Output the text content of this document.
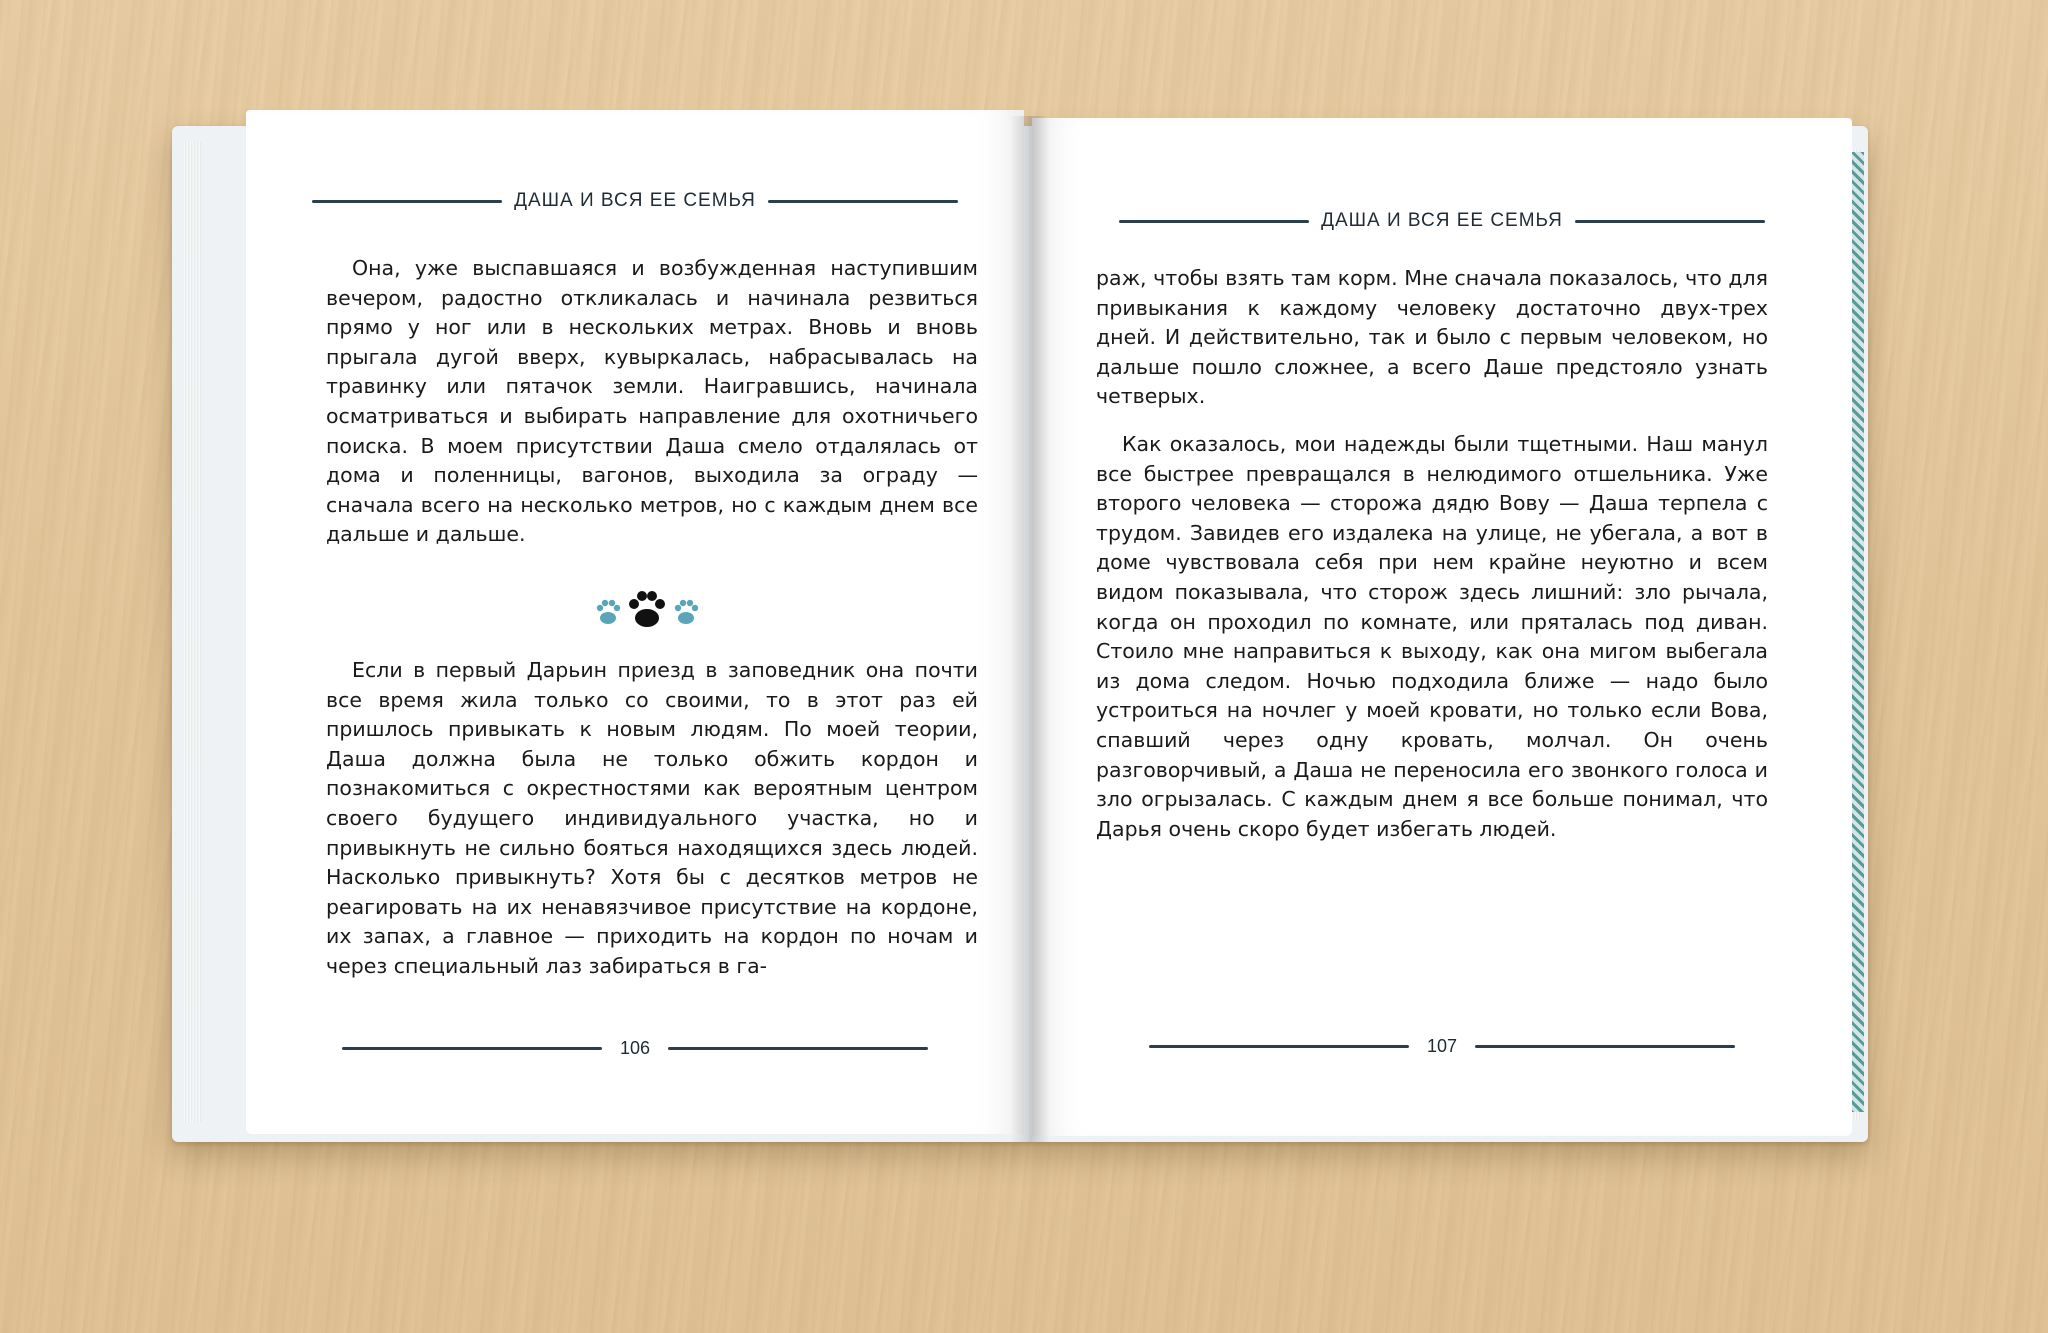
ДАША И ВСЯ ЕЕ СЕМЬЯ

Она, уже выспавшаяся и возбужденная наступившим вечером, радостно откликалась и начинала резвиться прямо у ног или в нескольких метрах. Вновь и вновь прыгала дугой вверх, кувыркалась, набрасывалась на травинку или пятачок земли. Наигравшись, начинала осматриваться и выбирать направление для охотничьего поиска. В моем присутствии Даша смело отдалялась от дома и поленницы, вагонов, выходила за ограду — сначала всего на несколько метров, но с каждым днем все дальше и дальше.

Если в первый Дарьин приезд в заповедник она почти все время жила только со своими, то в этот раз ей пришлось привыкать к новым людям. По моей теории, Даша должна была не только обжить кордон и познакомиться с окрестностями как вероятным центром своего будущего индивидуального участка, но и привыкнуть не сильно бояться находящихся здесь людей. Насколько привыкнуть? Хотя бы с десятков метров не реагировать на их ненавязчивое присутствие на кордоне, их запах, а главное — приходить на кордон по ночам и через специальный лаз забираться в га-

106
ДАША И ВСЯ ЕЕ СЕМЬЯ

раж, чтобы взять там корм. Мне сначала показалось, что для привыкания к каждому человеку достаточно двух-трех дней. И действительно, так и было с первым человеком, но дальше пошло сложнее, а всего Даше предстояло узнать четверых.

Как оказалось, мои надежды были тщетными. Наш манул все быстрее превращался в нелюдимого отшельника. Уже второго человека — сторожа дядю Вову — Даша терпела с трудом. Завидев его издалека на улице, не убегала, а вот в доме чувствовала себя при нем крайне неуютно и всем видом показывала, что сторож здесь лишний: зло рычала, когда он проходил по комнате, или пряталась под диван. Стоило мне направиться к выходу, как она мигом выбегала из дома следом. Ночью подходила ближе — надо было устроиться на ночлег у моей кровати, но только если Вова, спавший через одну кровать, молчал. Он очень разговорчивый, а Даша не переносила его звонкого голоса и зло огрызалась. С каждым днем я все больше понимал, что Дарья очень скоро будет избегать людей.

107
